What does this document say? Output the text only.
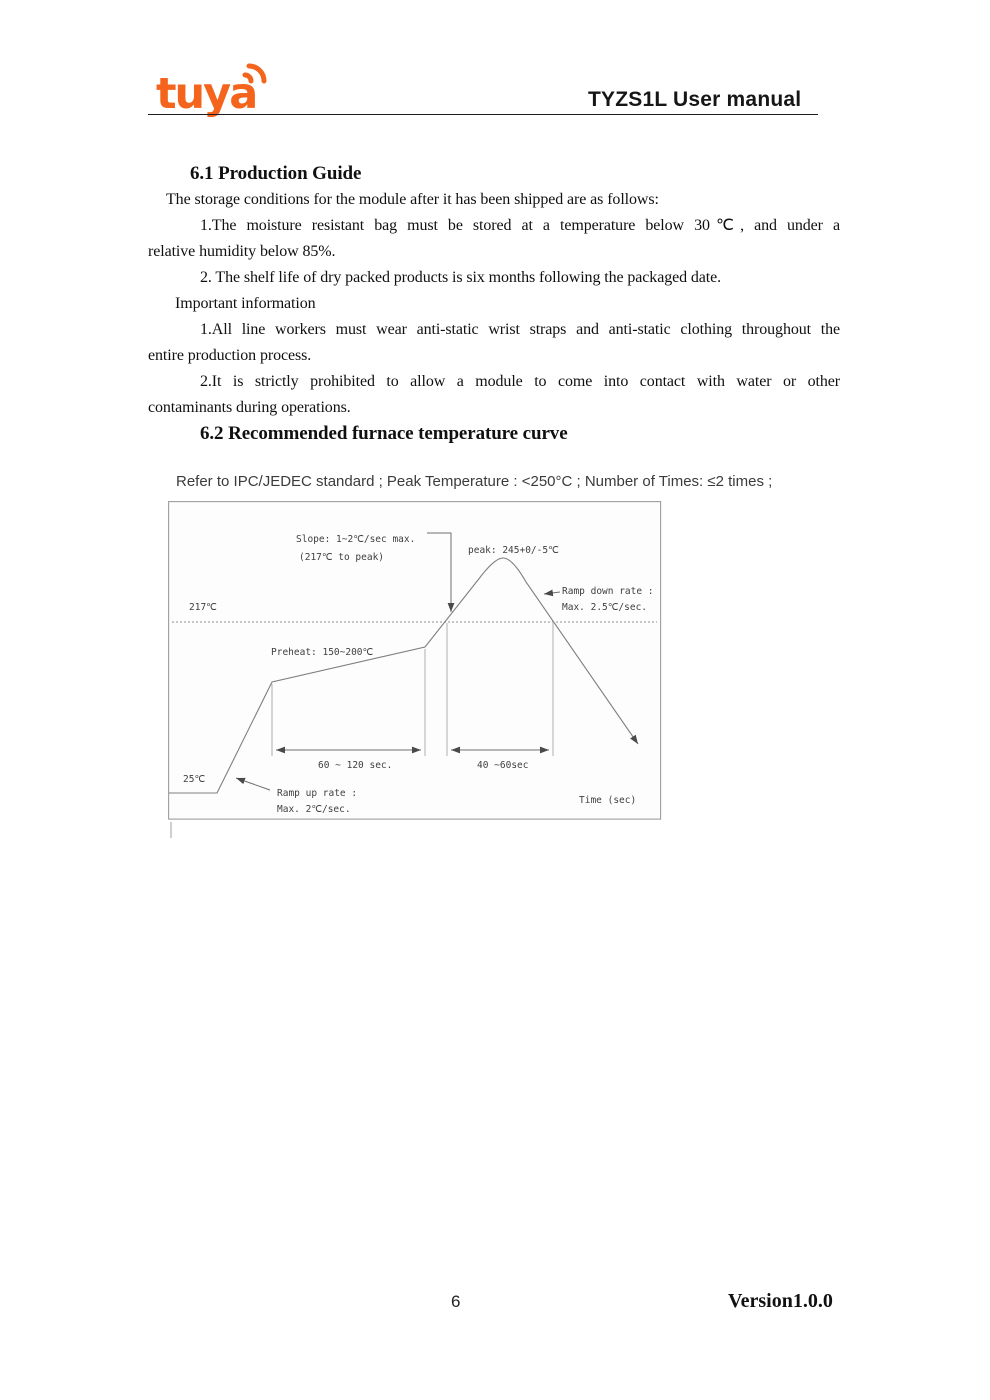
tuya	TYZS1L User manual
6.1 Production Guide
The storage conditions for the module after it has been shipped are as follows:
1.The moisture resistant bag must be stored at a temperature below 30℃, and under a
relative humidity below 85%.
2. The shelf life of dry packed products is six months following the packaged date.
Important information
1.All line workers must wear anti-static wrist straps and anti-static clothing throughout the
entire production process.
2.It is strictly prohibited to allow a module to come into contact with water or other
contaminants during operations.
6.2 Recommended furnace temperature curve
Refer to IPC/JEDEC standard ; Peak Temperature : <250°C ; Number of Times: ≤2 times ;
Slope: 1~2℃/sec max.
(217℃ to peak)
peak: 245+0/-5℃
Ramp down rate :
Max. 2.5℃/sec.
217℃
Preheat: 150~200℃
60 ~ 120 sec.	40 ~60sec
25℃
Ramp up rate :
Max. 2℃/sec.
Time (sec)
6	Version1.0.0
